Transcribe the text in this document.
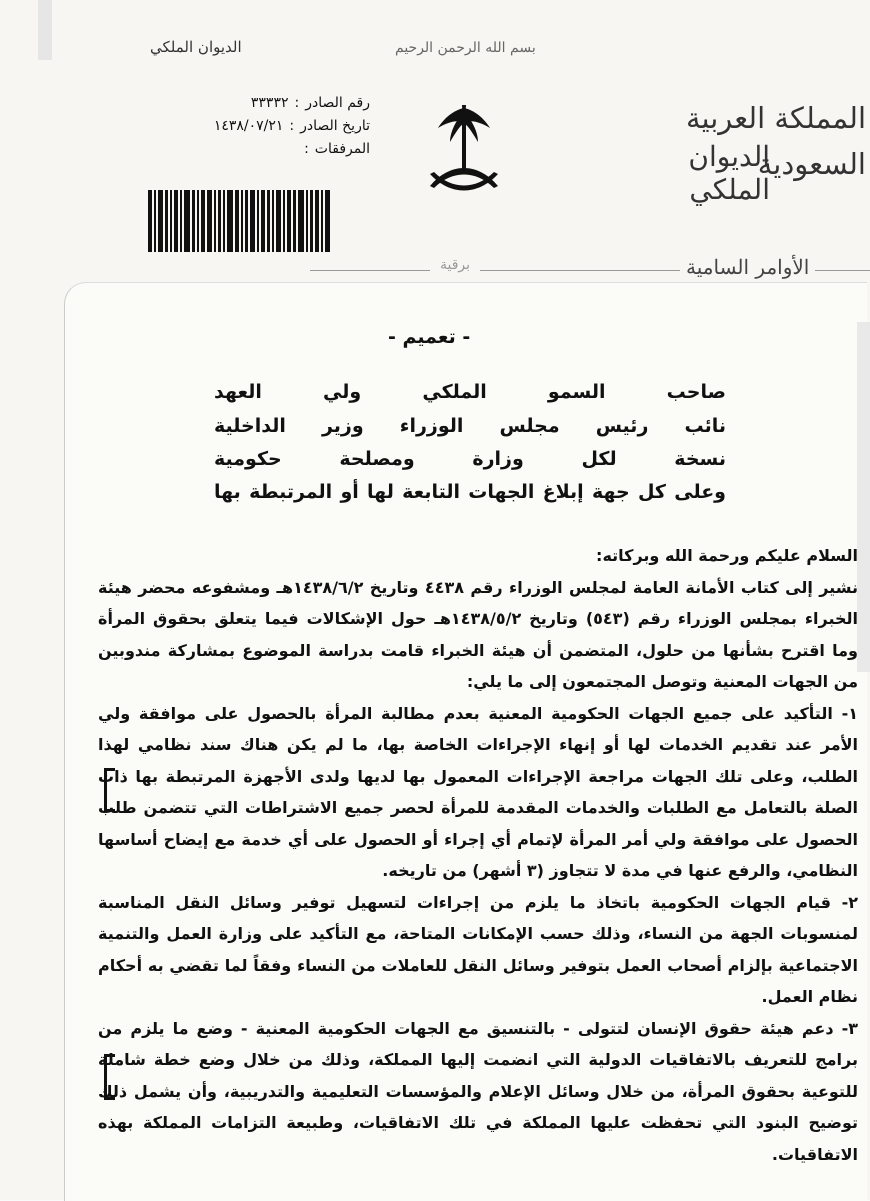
الديوان الملكي	بسم الله الرحمن الرحيم
رقم الصادر
:
٣٣٣٣٢
تاريخ الصادر
:
١٤٣٨/٠٧/٢١
المرفقات
:
المملكة العربية السعودية
الديوان الملكي
برقية	الأوامر السامية
- تعميم -
صاحب السمو الملكي ولي العهد
نائب رئيس مجلس الوزراء وزير الداخلية
نسخة لكل وزارة ومصلحة حكومية
وعلى كل جهة إبلاغ الجهات التابعة لها أو المرتبطة بها

السلام عليكم ورحمة الله وبركاته:

نشير إلى كتاب الأمانة العامة لمجلس الوزراء رقم ٤٤٣٨ وتاريخ ١٤٣٨/٦/٢هـ ومشفوعه محضر هيئة الخبراء بمجلس الوزراء رقم (٥٤٣) وتاريخ ١٤٣٨/٥/٢هـ حول الإشكالات فيما يتعلق بحقوق المرأة وما اقترح بشأنها من حلول، المتضمن أن هيئة الخبراء قامت بدراسة الموضوع بمشاركة مندوبين من الجهات المعنية وتوصل المجتمعون إلى ما يلي:

١- التأكيد على جميع الجهات الحكومية المعنية بعدم مطالبة المرأة بالحصول على موافقة ولي الأمر عند تقديم الخدمات لها أو إنهاء الإجراءات الخاصة بها، ما لم يكن هناك سند نظامي لهذا الطلب، وعلى تلك الجهات مراجعة الإجراءات المعمول بها لديها ولدى الأجهزة المرتبطة بها ذات الصلة بالتعامل مع الطلبات والخدمات المقدمة للمرأة لحصر جميع الاشتراطات التي تتضمن طلب الحصول على موافقة ولي أمر المرأة لإتمام أي إجراء أو الحصول على أي خدمة مع إيضاح أساسها النظامي، والرفع عنها في مدة لا تتجاوز (٣ أشهر) من تاريخه.

٢- قيام الجهات الحكومية باتخاذ ما يلزم من إجراءات لتسهيل توفير وسائل النقل المناسبة لمنسوبات الجهة من النساء، وذلك حسب الإمكانات المتاحة، مع التأكيد على وزارة العمل والتنمية الاجتماعية بإلزام أصحاب العمل بتوفير وسائل النقل للعاملات من النساء وفقاً لما تقضي به أحكام نظام العمل.

٣- دعم هيئة حقوق الإنسان لتتولى - بالتنسيق مع الجهات الحكومية المعنية - وضع ما يلزم من برامج للتعريف بالاتفاقيات الدولية التي انضمت إليها المملكة، وذلك من خلال وضع خطة شاملة للتوعية بحقوق المرأة، من خلال وسائل الإعلام والمؤسسات التعليمية والتدريبية، وأن يشمل ذلك توضيح البنود التي تحفظت عليها المملكة في تلك الاتفاقيات، وطبيعة التزامات المملكة بهذه الاتفاقيات.
